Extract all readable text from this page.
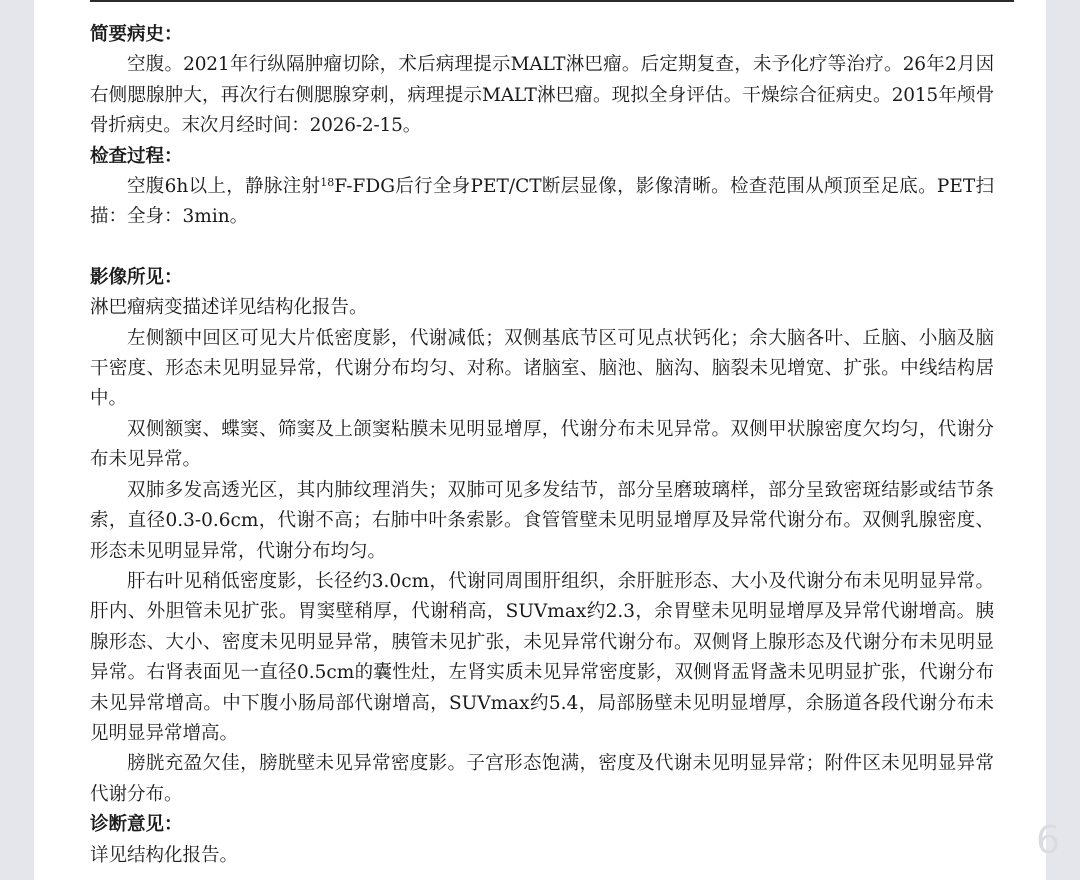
简要病史：
空腹。2021年行纵隔肿瘤切除，术后病理提示MALT淋巴瘤。后定期复查，未予化疗等治疗。26年2月因右侧腮腺肿大，再次行右侧腮腺穿刺，病理提示MALT淋巴瘤。现拟全身评估。干燥综合征病史。2015年颅骨骨折病史。末次月经时间：2026-2-15。
检查过程：
空腹6h以上，静脉注射$^{18}$F-FDG后行全身PET/CT断层显像，影像清晰。检查范围从颅顶至足底。PET扫描：全身：3min。
影像所见：
淋巴瘤病变描述详见结构化报告。
左侧额中回区可见大片低密度影，代谢减低；双侧基底节区可见点状钙化；余大脑各叶、丘脑、小脑及脑干密度、形态未见明显异常，代谢分布均匀、对称。诸脑室、脑池、脑沟、脑裂未见增宽、扩张。中线结构居中。
双侧额窦、蝶窦、筛窦及上颌窦粘膜未见明显增厚，代谢分布未见异常。双侧甲状腺密度欠均匀，代谢分布未见异常。
双肺多发高透光区，其内肺纹理消失；双肺可见多发结节，部分呈磨玻璃样，部分呈致密斑结影或结节条索，直径0.3-0.6cm，代谢不高；右肺中叶条索影。食管管壁未见明显增厚及异常代谢分布。双侧乳腺密度、形态未见明显异常，代谢分布均匀。
肝右叶见稍低密度影，长径约3.0cm，代谢同周围肝组织，余肝脏形态、大小及代谢分布未见明显异常。肝内、外胆管未见扩张。胃窦壁稍厚，代谢稍高，SUVmax约2.3，余胃壁未见明显增厚及异常代谢增高。胰腺形态、大小、密度未见明显异常，胰管未见扩张，未见异常代谢分布。双侧肾上腺形态及代谢分布未见明显异常。右肾表面见一直径0.5cm的囊性灶，左肾实质未见异常密度影，双侧肾盂肾盏未见明显扩张，代谢分布未见异常增高。中下腹小肠局部代谢增高，SUVmax约5.4，局部肠壁未见明显增厚，余肠道各段代谢分布未见明显异常增高。
膀胱充盈欠佳，膀胱壁未见异常密度影。子宫形态饱满，密度及代谢未见明显异常；附件区未见明显异常代谢分布。
诊断意见：
详见结构化报告。	6
